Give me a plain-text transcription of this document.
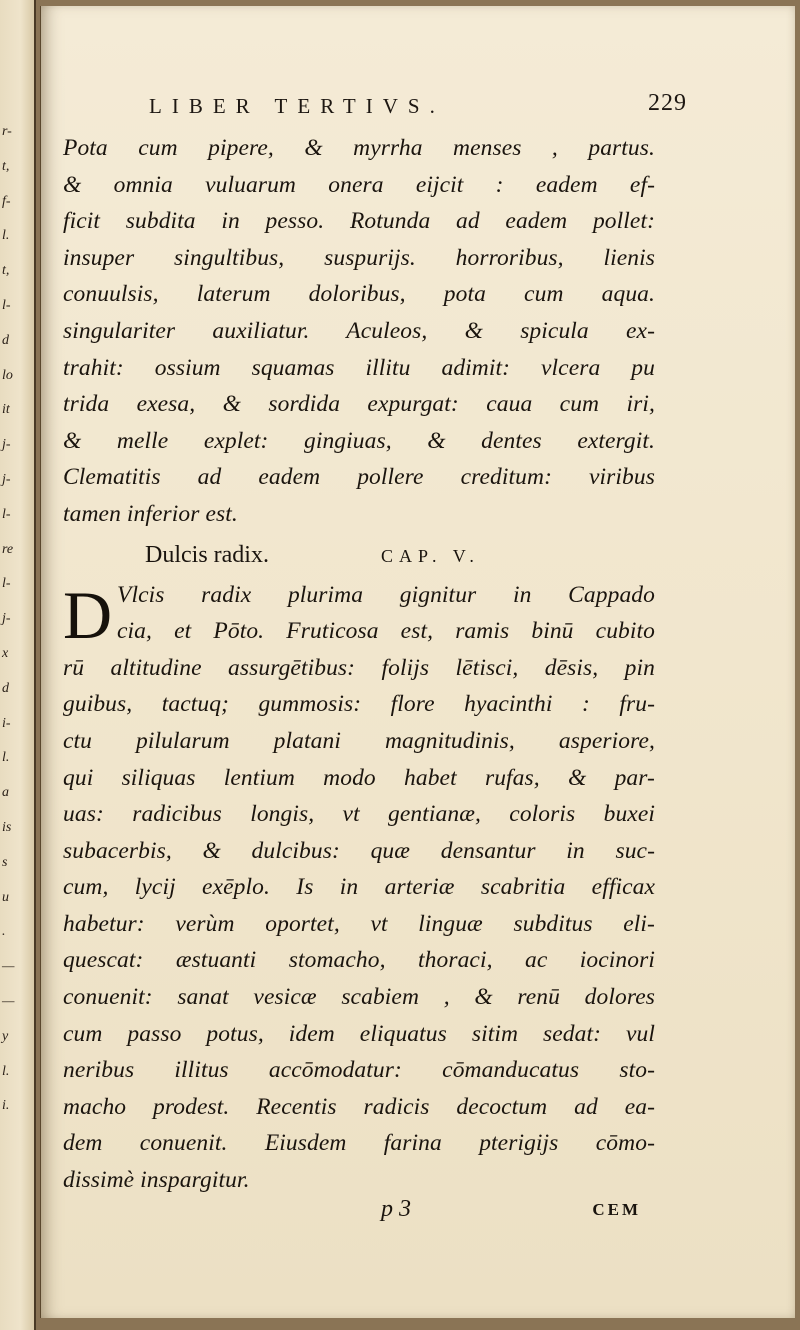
r-
t,
f-
l.
t,
l-
d
lo
it
j-
j-
l-
re
l-
j-
x
d
i-
l.
a
is
s
u
.
—
—
y
l.
i.
LIBER TERTIVS.	229
Pota cum pipere, & myrrha menses , partus.
& omnia vuluarum onera eijcit : eadem ef-
ficit subdita in pesso. Rotunda ad eadem pollet:
insuper singultibus, suspurijs. horroribus, lienis
conuulsis, laterum doloribus, pota cum aqua.
singulariter auxiliatur. Aculeos, & spicula ex-
trahit: ossium squamas illitu adimit: vlcera pu
trida exesa, & sordida expurgat: caua cum iri,
& melle explet: gingiuas, & dentes extergit.
Clematitis ad eadem pollere creditum: viribus
tamen inferior est.
Dulcis radix.	CAP. V.
D Vlcis radix plurima gignitur in Cappado
cia, et Pōto. Fruticosa est, ramis binū cubito
rū altitudine assurgētibus: folijs lētisci, dēsis, pin
guibus, tactuq; gummosis: flore hyacinthi : fru-
ctu pilularum platani magnitudinis, asperiore,
qui siliquas lentium modo habet rufas, & par-
uas: radicibus longis, vt gentianæ, coloris buxei
subacerbis, & dulcibus: quæ densantur in suc-
cum, lycij exēplo. Is in arteriæ scabritia efficax
habetur: verùm oportet, vt linguæ subditus eli-
quescat: æstuanti stomacho, thoraci, ac iocinori
conuenit: sanat vesicæ scabiem , & renū dolores
cum passo potus, idem eliquatus sitim sedat: vul
neribus illitus accōmodatur: cōmanducatus sto-
macho prodest. Recentis radicis decoctum ad ea-
dem conuenit. Eiusdem farina pterigijs cōmo-
dissimè inspargitur.
p 3	CEM
